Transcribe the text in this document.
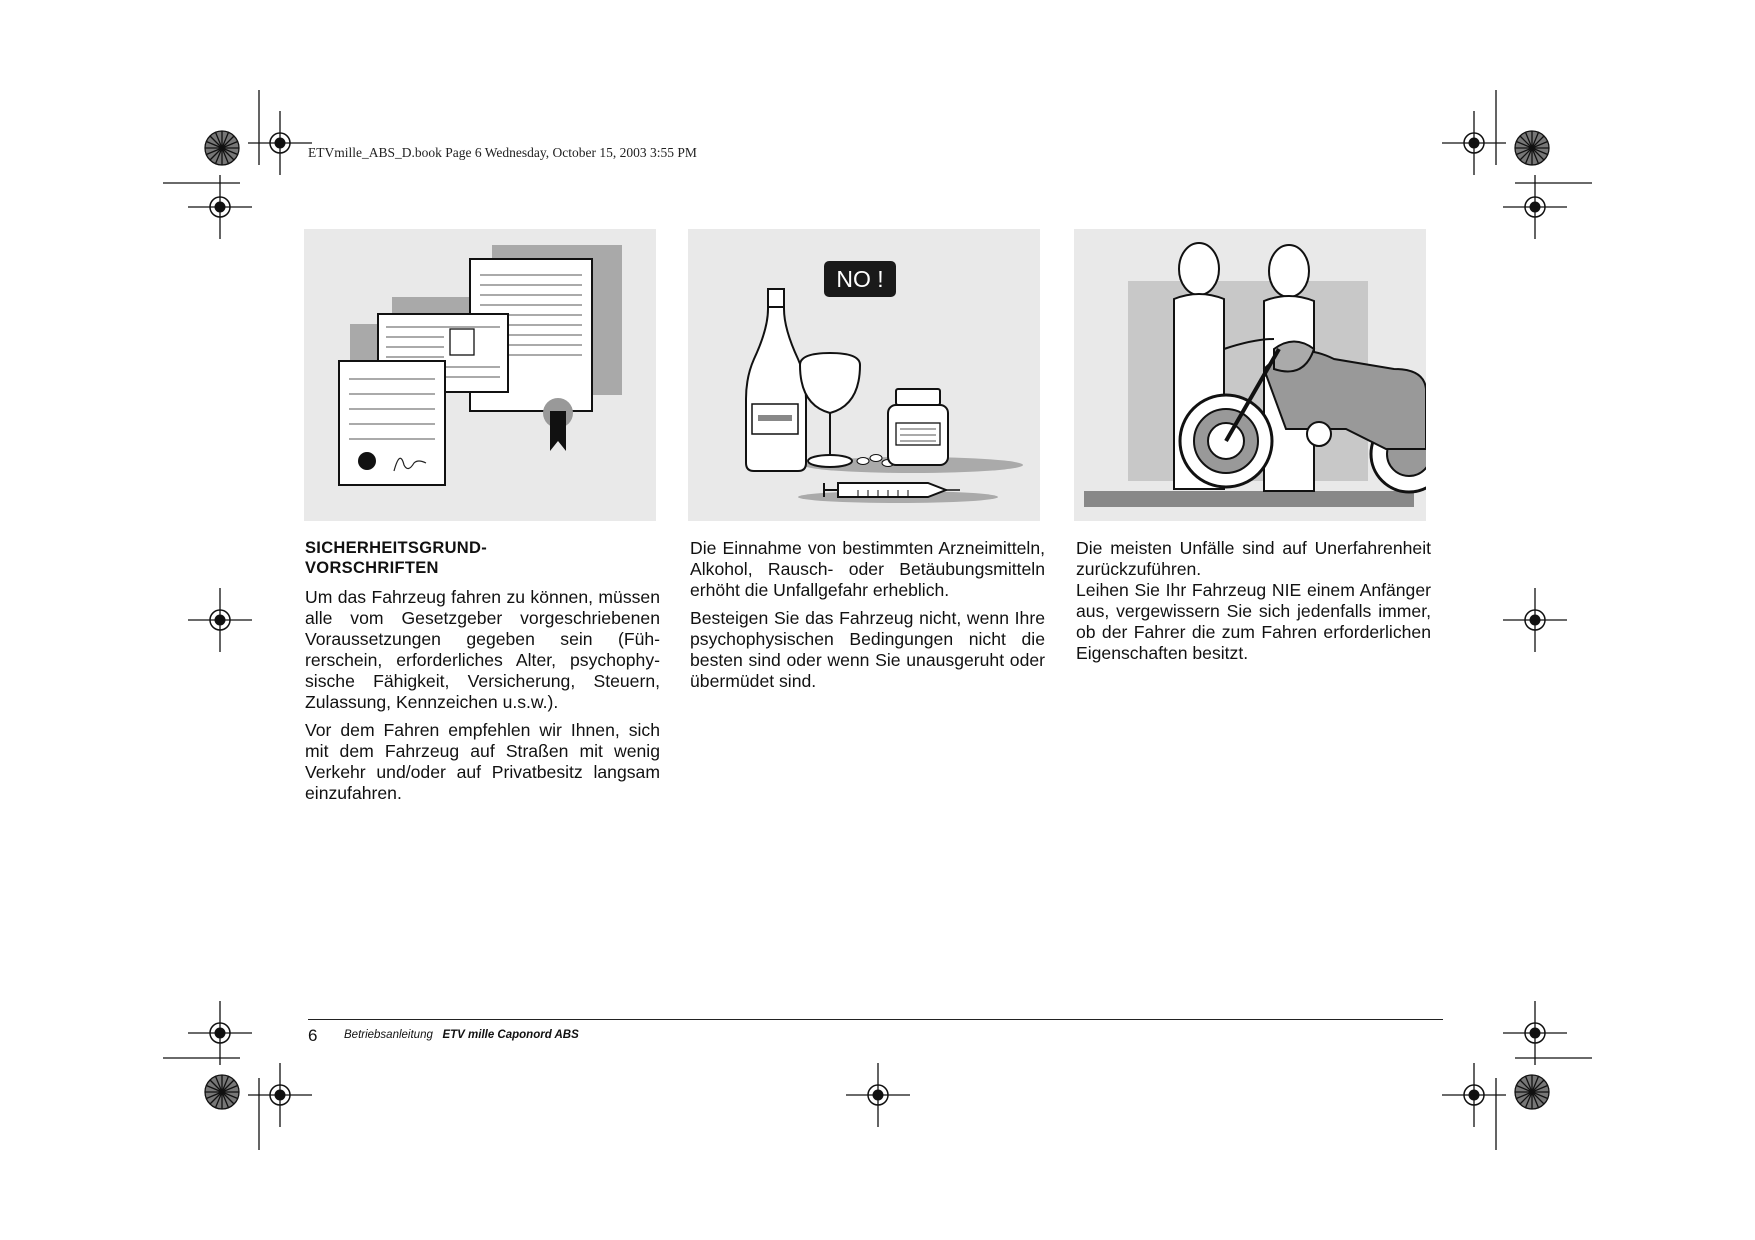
ETVmille_ABS_D.book Page 6 Wednesday, October 15, 2003 3:55 PM
NO !
SICHERHEITSGRUND-
VORSCHRIFTEN

Um das Fahrzeug fahren zu können, müssen alle vom Gesetzgeber vorgeschriebenen Voraussetzungen gegeben sein (Führerschein, erforderliches Alter, psychophysische Fähigkeit, Versicherung, Steuern, Zulassung, Kennzeichen u.s.w.).

Vor dem Fahren empfehlen wir Ihnen, sich mit dem Fahrzeug auf Straßen mit wenig Verkehr und/oder auf Privatbesitz langsam einzufahren.

Die Einnahme von bestimmten Arzneimitteln, Alkohol, Rausch- oder Betäubungsmitteln erhöht die Unfallgefahr erheblich.

Besteigen Sie das Fahrzeug nicht, wenn Ihre psychophysischen Bedingungen nicht die besten sind oder wenn Sie unausgeruht oder übermüdet sind.

Die meisten Unfälle sind auf Unerfahrenheit zurückzuführen.

Leihen Sie Ihr Fahrzeug NIE einem Anfänger aus, vergewissern Sie sich jedenfalls immer, ob der Fahrer die zum Fahren erforderlichen Eigenschaften besitzt.

6 Betriebsanleitung ETV mille Caponord ABS
